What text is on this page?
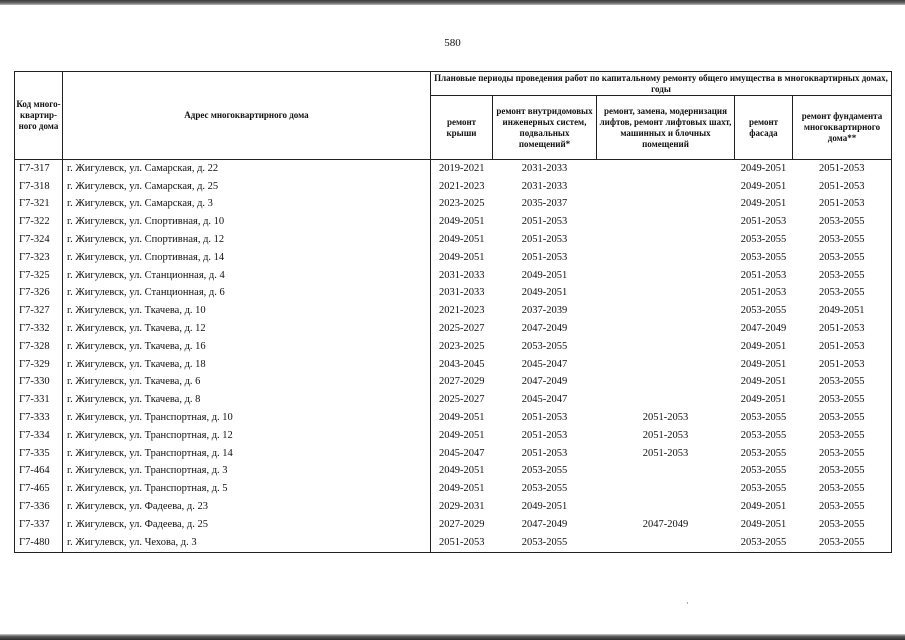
580
Код много-квартир-ного дома	Адрес многоквартирного дома	Плановые периоды проведения работ по капитальному ремонту общего имущества в многоквартирных домах, годы				
		ремонт крыши	ремонт внутридомовых инженерных систем, подвальных помещений*	ремонт, замена, модернизация лифтов, ремонт лифтовых шахт, машинных и блочных помещений	ремонт фасада	ремонт фундамента многоквартирного дома**
Г7-317	г. Жигулевск, ул. Самарская, д. 22	2019-2021	2031-2033		2049-2051	2051-2053
Г7-318	г. Жигулевск, ул. Самарская, д. 25	2021-2023	2031-2033		2049-2051	2051-2053
Г7-321	г. Жигулевск, ул. Самарская, д. 3	2023-2025	2035-2037		2049-2051	2051-2053
Г7-322	г. Жигулевск, ул. Спортивная, д. 10	2049-2051	2051-2053		2051-2053	2053-2055
Г7-324	г. Жигулевск, ул. Спортивная, д. 12	2049-2051	2051-2053		2053-2055	2053-2055
Г7-323	г. Жигулевск, ул. Спортивная, д. 14	2049-2051	2051-2053		2053-2055	2053-2055
Г7-325	г. Жигулевск, ул. Станционная, д. 4	2031-2033	2049-2051		2051-2053	2053-2055
Г7-326	г. Жигулевск, ул. Станционная, д. 6	2031-2033	2049-2051		2051-2053	2053-2055
Г7-327	г. Жигулевск, ул. Ткачева, д. 10	2021-2023	2037-2039		2053-2055	2049-2051
Г7-332	г. Жигулевск, ул. Ткачева, д. 12	2025-2027	2047-2049		2047-2049	2051-2053
Г7-328	г. Жигулевск, ул. Ткачева, д. 16	2023-2025	2053-2055		2049-2051	2051-2053
Г7-329	г. Жигулевск, ул. Ткачева, д. 18	2043-2045	2045-2047		2049-2051	2051-2053
Г7-330	г. Жигулевск, ул. Ткачева, д. 6	2027-2029	2047-2049		2049-2051	2053-2055
Г7-331	г. Жигулевск, ул. Ткачева, д. 8	2025-2027	2045-2047		2049-2051	2053-2055
Г7-333	г. Жигулевск, ул. Транспортная, д. 10	2049-2051	2051-2053	2051-2053	2053-2055	2053-2055
Г7-334	г. Жигулевск, ул. Транспортная, д. 12	2049-2051	2051-2053	2051-2053	2053-2055	2053-2055
Г7-335	г. Жигулевск, ул. Транспортная, д. 14	2045-2047	2051-2053	2051-2053	2053-2055	2053-2055
Г7-464	г. Жигулевск, ул. Транспортная, д. 3	2049-2051	2053-2055		2053-2055	2053-2055
Г7-465	г. Жигулевск, ул. Транспортная, д. 5	2049-2051	2053-2055		2053-2055	2053-2055
Г7-336	г. Жигулевск, ул. Фадеева, д. 23	2029-2031	2049-2051		2049-2051	2053-2055
Г7-337	г. Жигулевск, ул. Фадеева, д. 25	2027-2029	2047-2049	2047-2049	2049-2051	2053-2055
Г7-480	г. Жигулевск, ул. Чехова, д. 3	2051-2053	2053-2055		2053-2055	2053-2055
·
